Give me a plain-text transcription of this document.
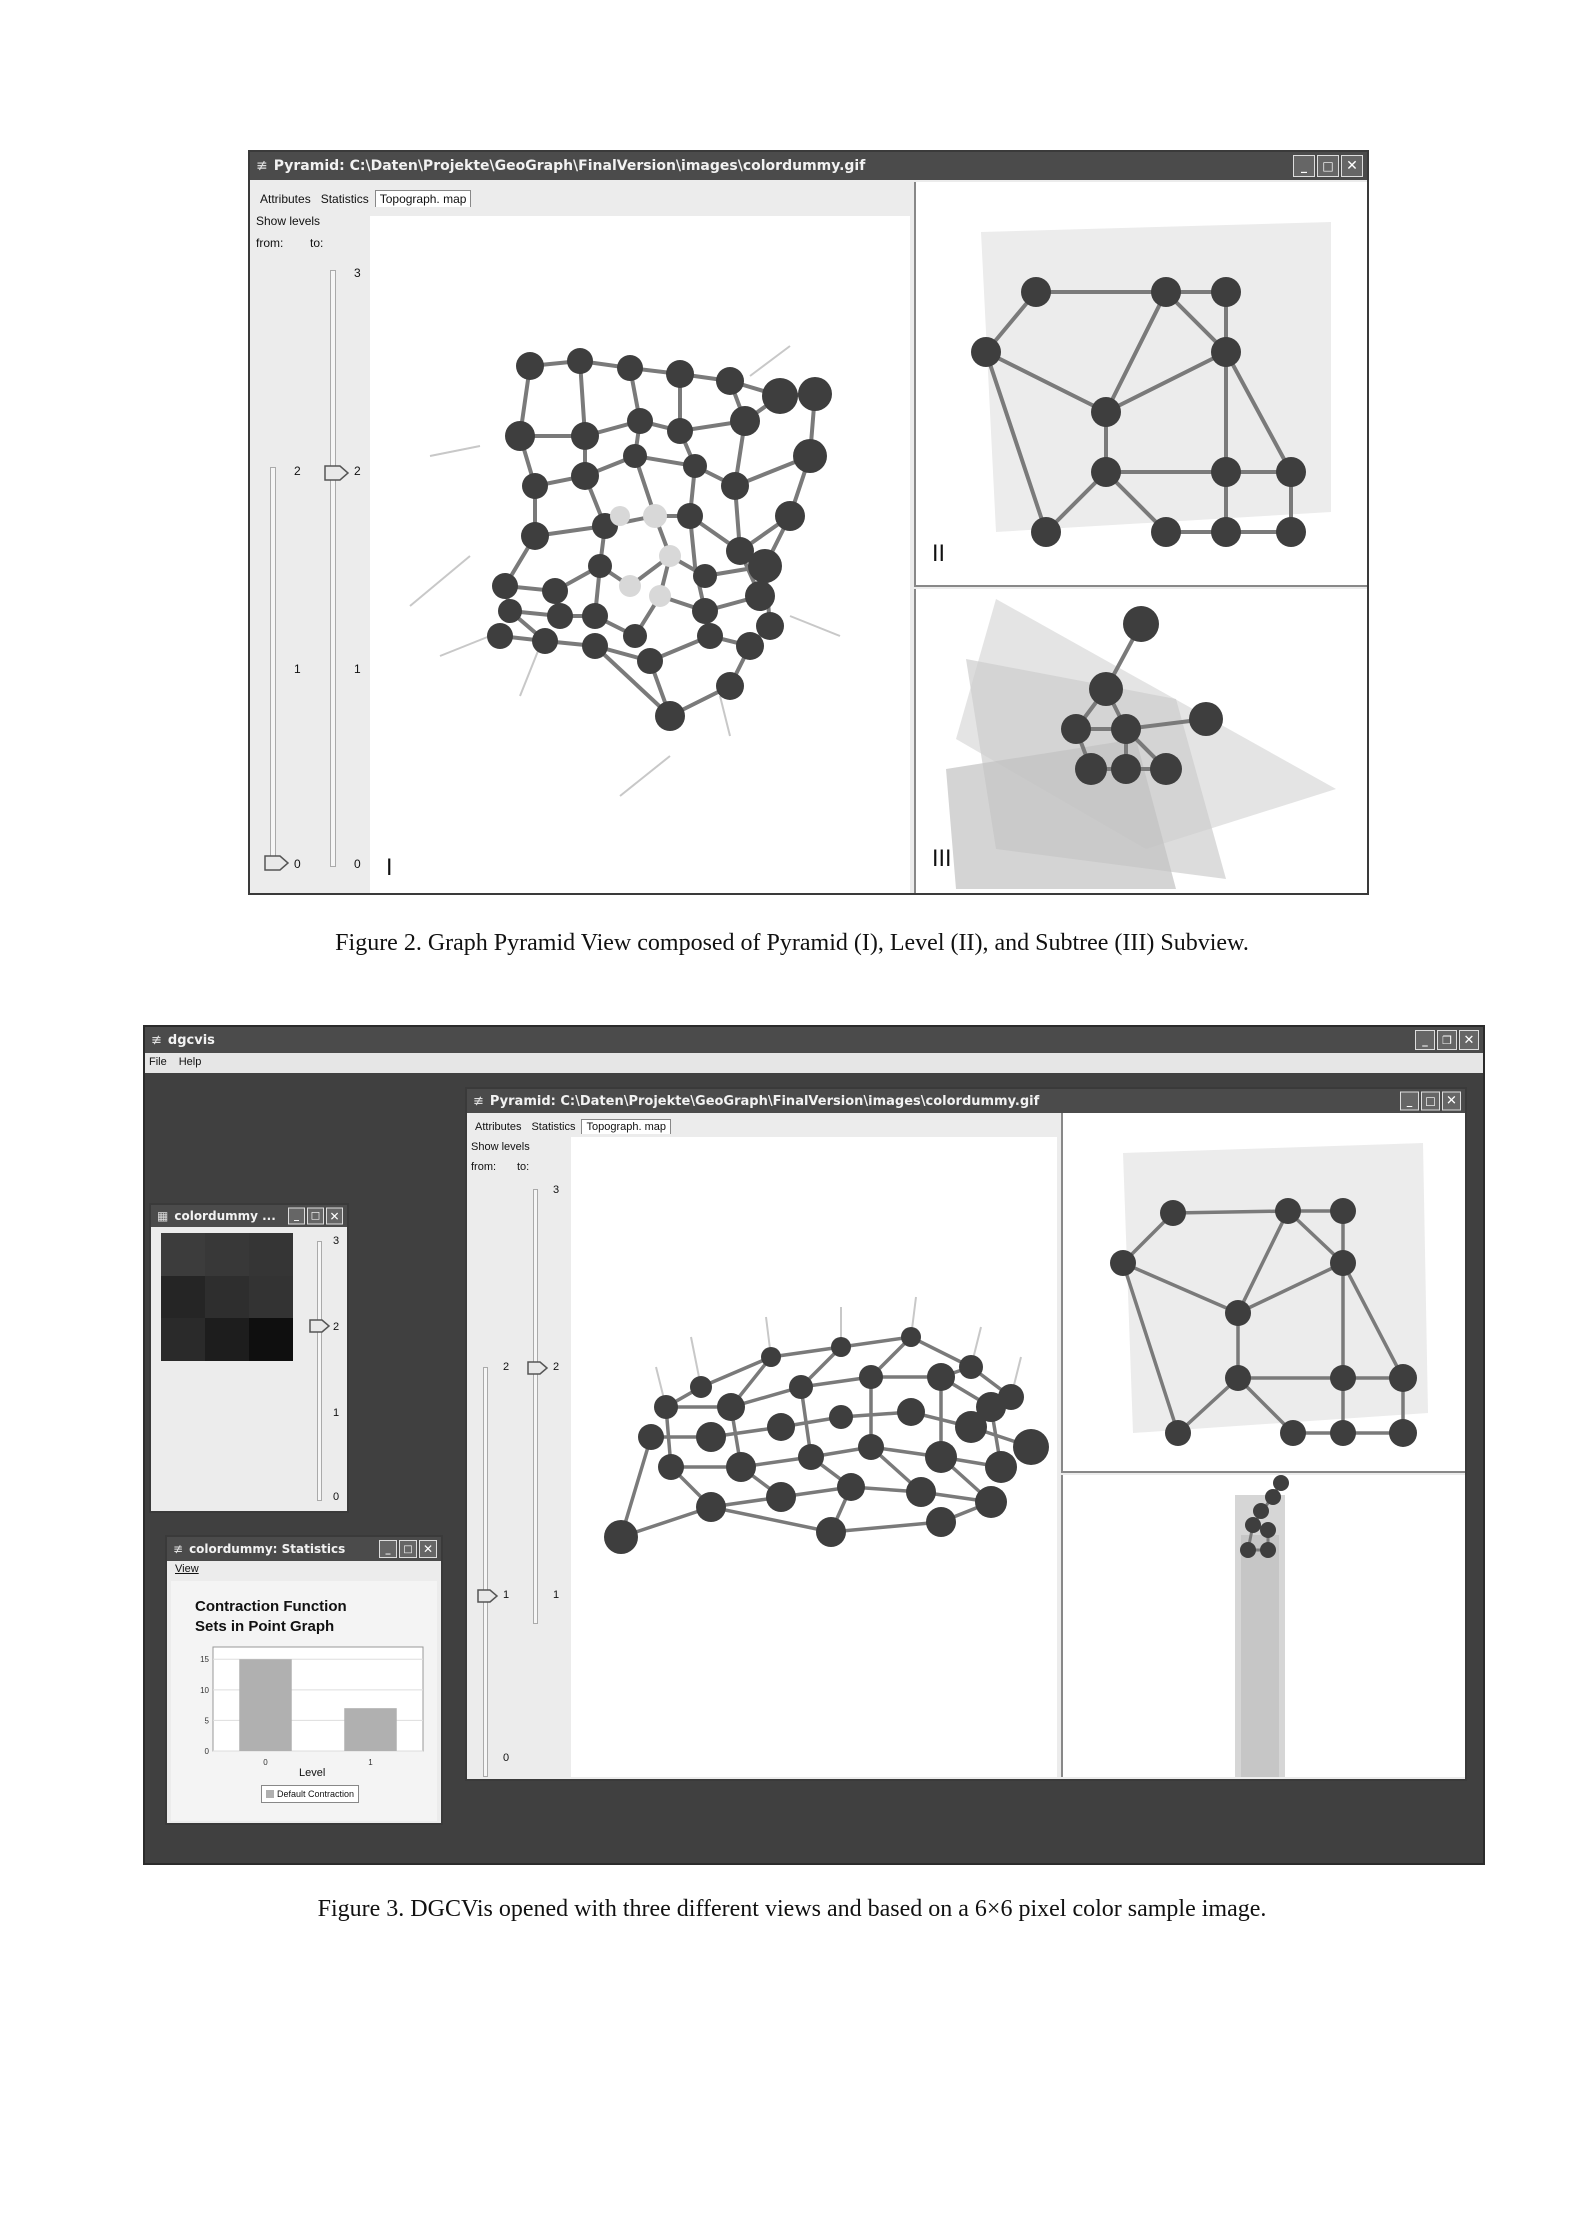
≢ Pyramid: C:\Daten\Projekte\GeoGraph\FinalVersion\images\colordummy.gif	_	□ ✕
Attributes Statistics Topograph. map
Show levels
from: to:
2
1
0
3
2
1
0 I
II
III
Figure 2. Graph Pyramid View composed of Pyramid (I), Level (II), and Subtree (III) Subview.
≢ dgcvis	_	❐ ✕
File Help
≢ Pyramid: C:\Daten\Projekte\GeoGraph\FinalVersion\images\colordummy.gif	_	□ ✕
Attributes Statistics	Topograph. map
Show levels
from: to:
2
1
0
3
2
1
▦ colordummy ...	_	□ ✕
3
2
1
0
≢ colordummy: Statistics	_	□ ✕
View
Contraction Function Sets in Point Graph
15
10
5
0
0	1
Level
Default Contraction
Figure 3. DGCVis opened with three different views and based on a 6×6 pixel color sample image.
